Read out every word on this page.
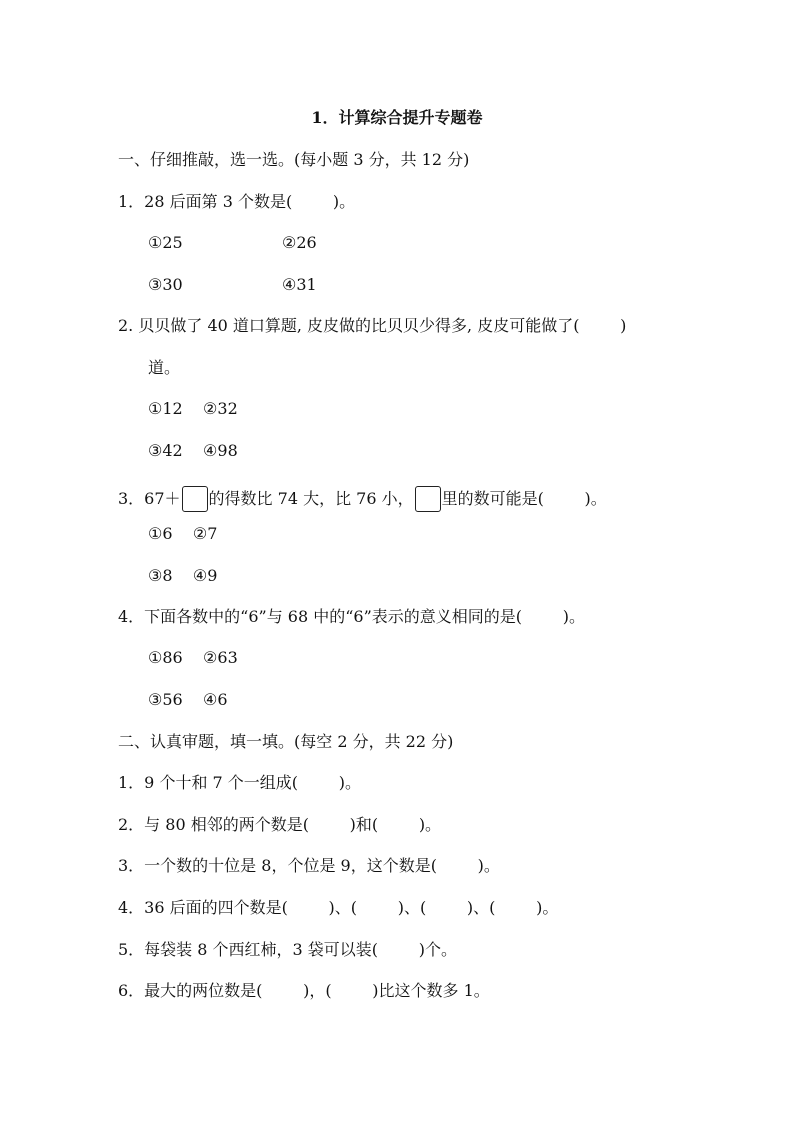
1．计算综合提升专题卷
一、仔细推敲，选一选。(每小题 3 分，共 12 分)
1．28 后面第 3 个数是(        )。
①25	②26
③30	④31
2. 贝贝做了 40 道口算题, 皮皮做的比贝贝少得多, 皮皮可能做了(        )
道。
①12    ②32
③42    ④98
3．67＋ 的得数比 74 大，比 76 小， 里的数可能是(        )。
①6    ②7
③8    ④9
4．下面各数中的“6”与 68 中的“6”表示的意义相同的是(        )。
①86    ②63
③56    ④6
二、认真审题，填一填。(每空 2 分，共 22 分)
1．9 个十和 7 个一组成(        )。
2．与 80 相邻的两个数是(        )和(        )。
3．一个数的十位是 8，个位是 9，这个数是(        )。
4．36 后面的四个数是(        )、(        )、(        )、(        )。
5．每袋装 8 个西红柿，3 袋可以装(        )个。
6．最大的两位数是(        )，(        )比这个数多 1。
